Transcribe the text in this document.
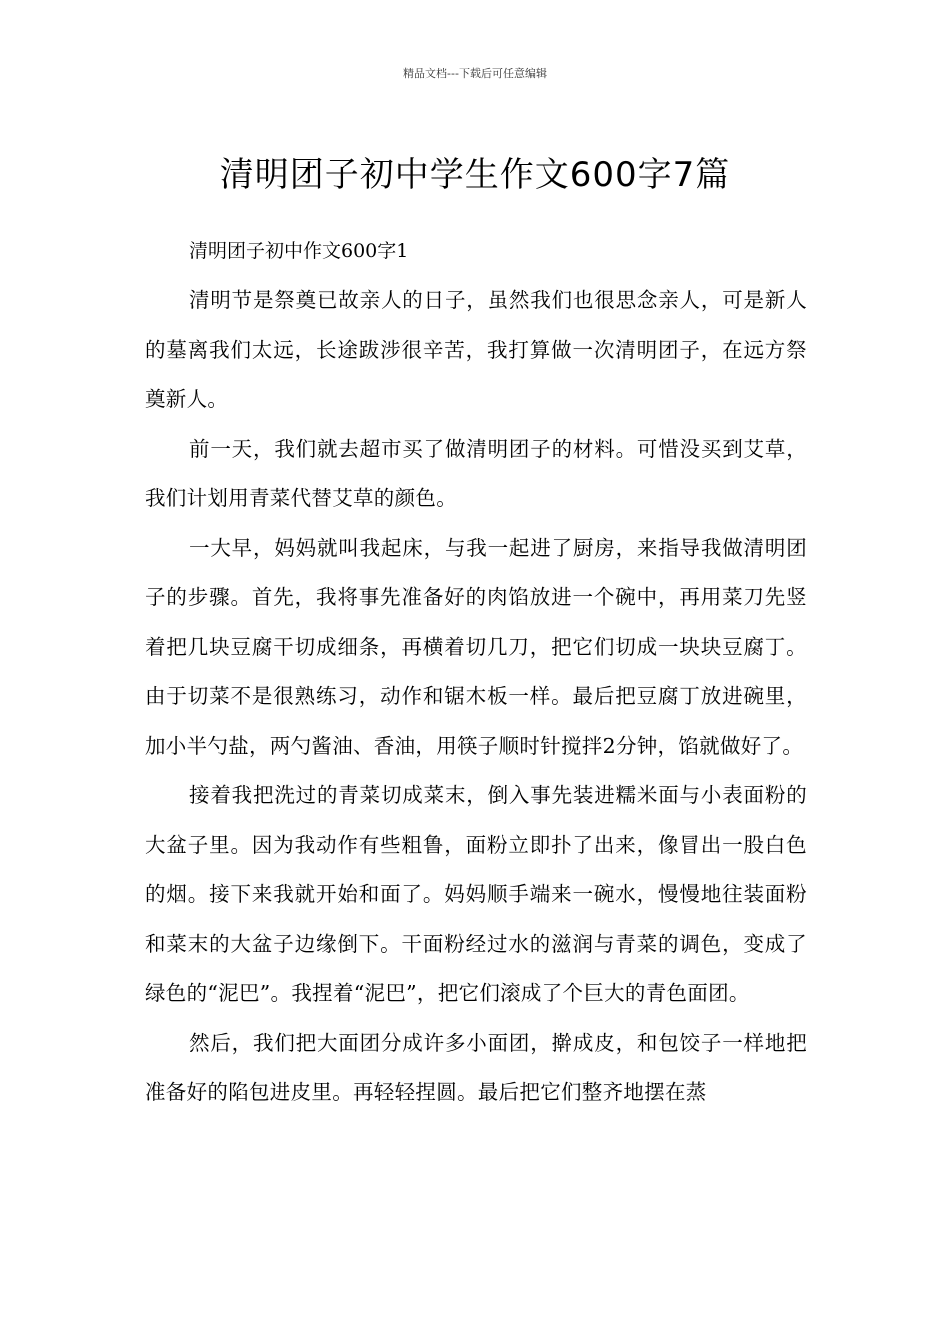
精品文档---下载后可任意编辑
清明团子初中学生作文600字7篇

清明团子初中作文600字1

清明节是祭奠已故亲人的日子，虽然我们也很思念亲人，可是新人的墓离我们太远，长途跋涉很辛苦，我打算做一次清明团子，在远方祭奠新人。

前一天，我们就去超市买了做清明团子的材料。可惜没买到艾草，我们计划用青菜代替艾草的颜色。

一大早，妈妈就叫我起床，与我一起进了厨房，来指导我做清明团子的步骤。首先，我将事先准备好的肉馅放进一个碗中，再用菜刀先竖着把几块豆腐干切成细条，再横着切几刀，把它们切成一块块豆腐丁。由于切菜不是很熟练习，动作和锯木板一样。最后把豆腐丁放进碗里，加小半勺盐，两勺酱油、香油，用筷子顺时针搅拌2分钟，馅就做好了。

接着我把洗过的青菜切成菜末，倒入事先装进糯米面与小表面粉的大盆子里。因为我动作有些粗鲁，面粉立即扑了出来，像冒出一股白色的烟。接下来我就开始和面了。妈妈顺手端来一碗水，慢慢地往装面粉和菜末的大盆子边缘倒下。干面粉经过水的滋润与青菜的调色，变成了绿色的“泥巴”。我捏着“泥巴”，把它们滚成了个巨大的青色面团。

然后，我们把大面团分成许多小面团，擀成皮，和包饺子一样地把准备好的陷包进皮里。再轻轻捏圆。最后把它们整齐地摆在蒸
